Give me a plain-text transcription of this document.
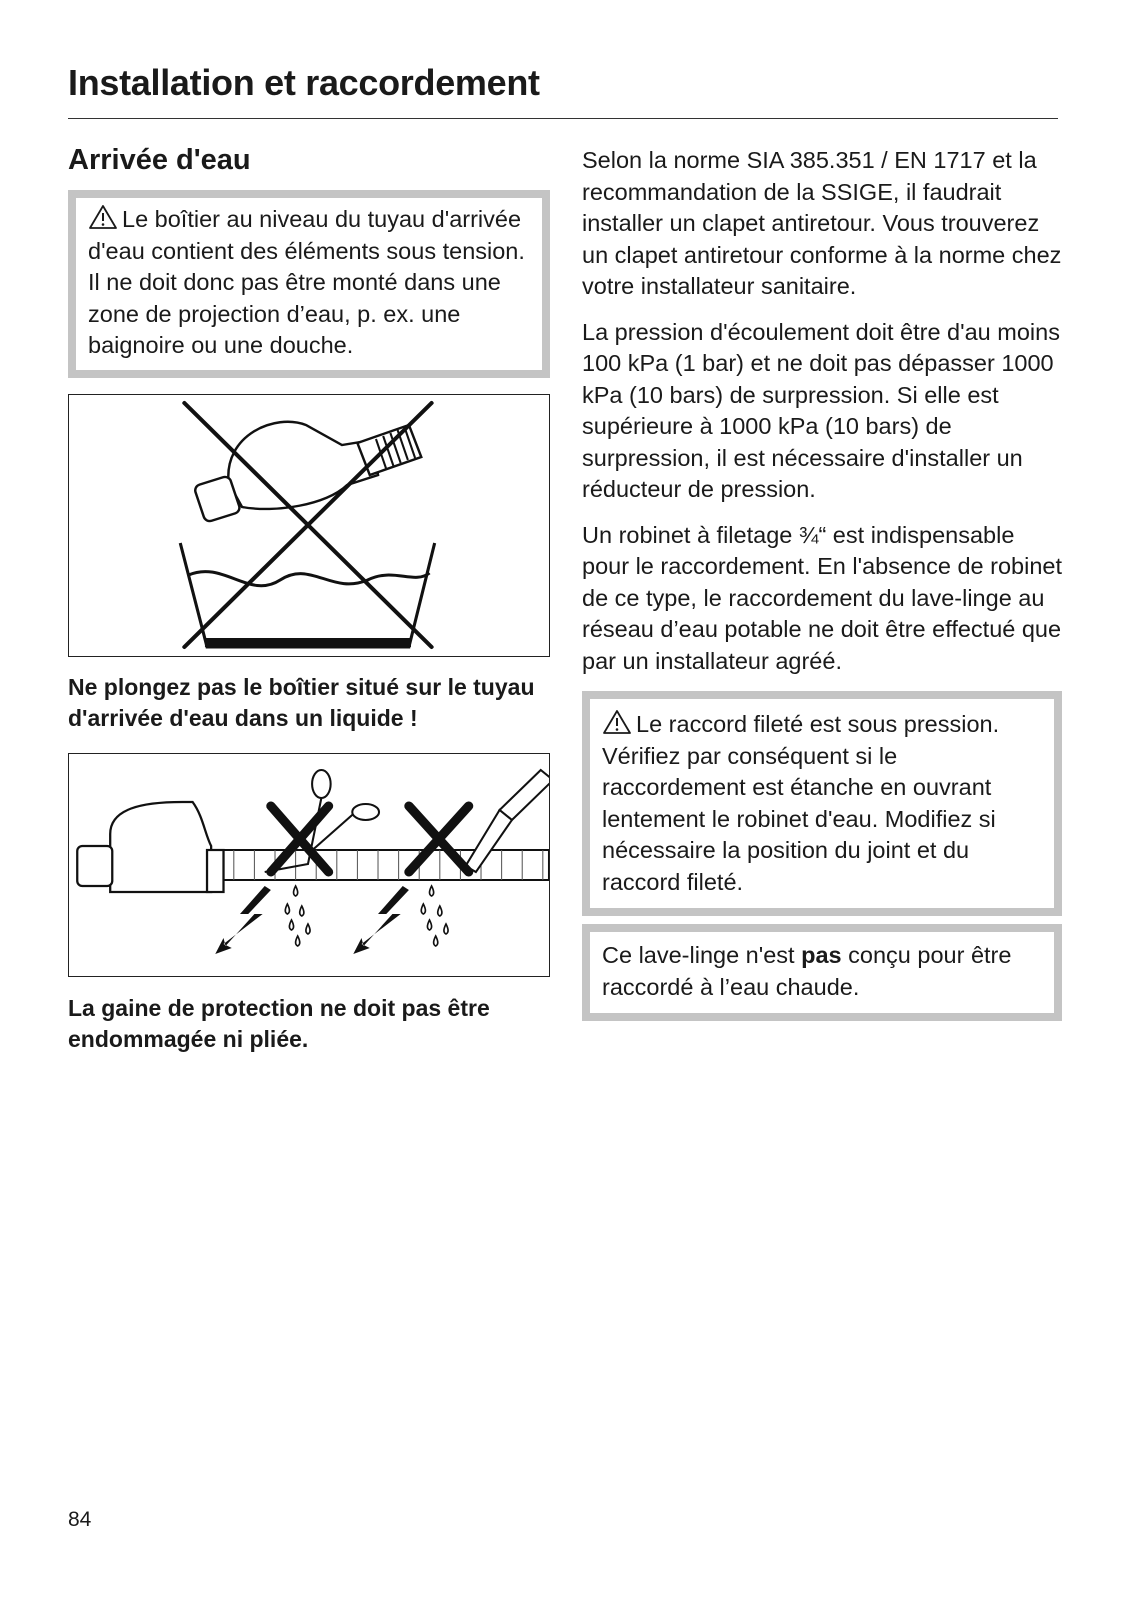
Installation et raccordement
Arrivée d'eau

Le boîtier au niveau du tuyau d'arrivée d'eau contient des éléments sous tension. Il ne doit donc pas être monté dans une zone de projection d’eau, p. ex. une baignoire ou une douche.

Ne plongez pas le boîtier situé sur le tuyau d'arrivée d'eau dans un liquide !

La gaine de protection ne doit pas être endommagée ni pliée.

Selon la norme SIA 385.351 / EN 1717 et la recommandation de la SSIGE, il faudrait installer un clapet antiretour. Vous trouverez un clapet antiretour conforme à la norme chez votre installateur sanitaire.

La pression d'écoulement doit être d'au moins 100 kPa (1 bar) et ne doit pas dépasser 1000 kPa (10 bars) de surpression. Si elle est supérieure à 1000 kPa (10 bars) de surpression, il est nécessaire d'installer un réducteur de pression.

Un robinet à filetage ¾“ est indispensable pour le raccordement. En l'absence de robinet de ce type, le raccordement du lave-linge au réseau d’eau potable ne doit être effectué que par un installateur agréé.

Le raccord fileté est sous pression. Vérifiez par conséquent si le raccordement est étanche en ouvrant lentement le robinet d'eau. Modifiez si nécessaire la position du joint et du raccord fileté.

Ce lave-linge n'est pas conçu pour être raccordé à l’eau chaude.

84
